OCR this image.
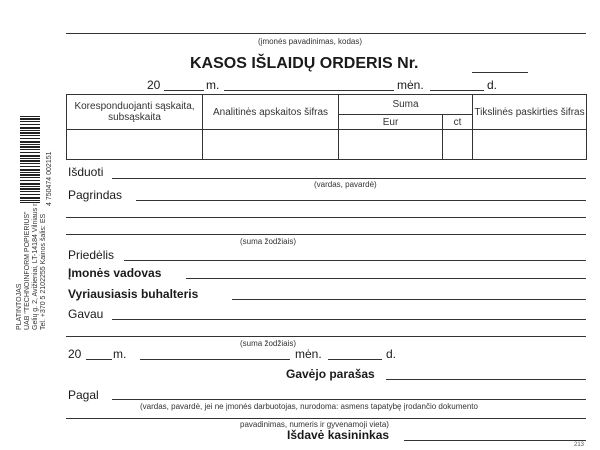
4 750474 002151
PLATINTOJAS UAB "TECHNOINFORM POPIERIUS" Gelių g. 2, Avižieniai, LT-14184 Vilniaus r. Tel. +370 5 2102255 Kainos šalis: ES
(įmonės pavadinimas, kodas)
KASOS IŠLAIDŲ ORDERIS Nr.
20	m.	mėn.	d.
Koresponduojanti sąskaita, subsąskaita	Analitinės apskaitos šifras	Suma		Tikslinės paskirties šifras
		Eur	ct	

Išduoti
(vardas, pavardė)
Pagrindas
(suma žodžiais)
Priedėlis
Įmonės vadovas
Vyriausiasis buhalteris
Gavau
(suma žodžiais)
20	m.	mėn.	d.
Gavėjo parašas
Pagal
(vardas, pavardė, jei ne įmonės darbuotojas, nurodoma: asmens tapatybę įrodančio dokumento
pavadinimas, numeris ir gyvenamoji vieta)
Išdavė kasininkas
213
